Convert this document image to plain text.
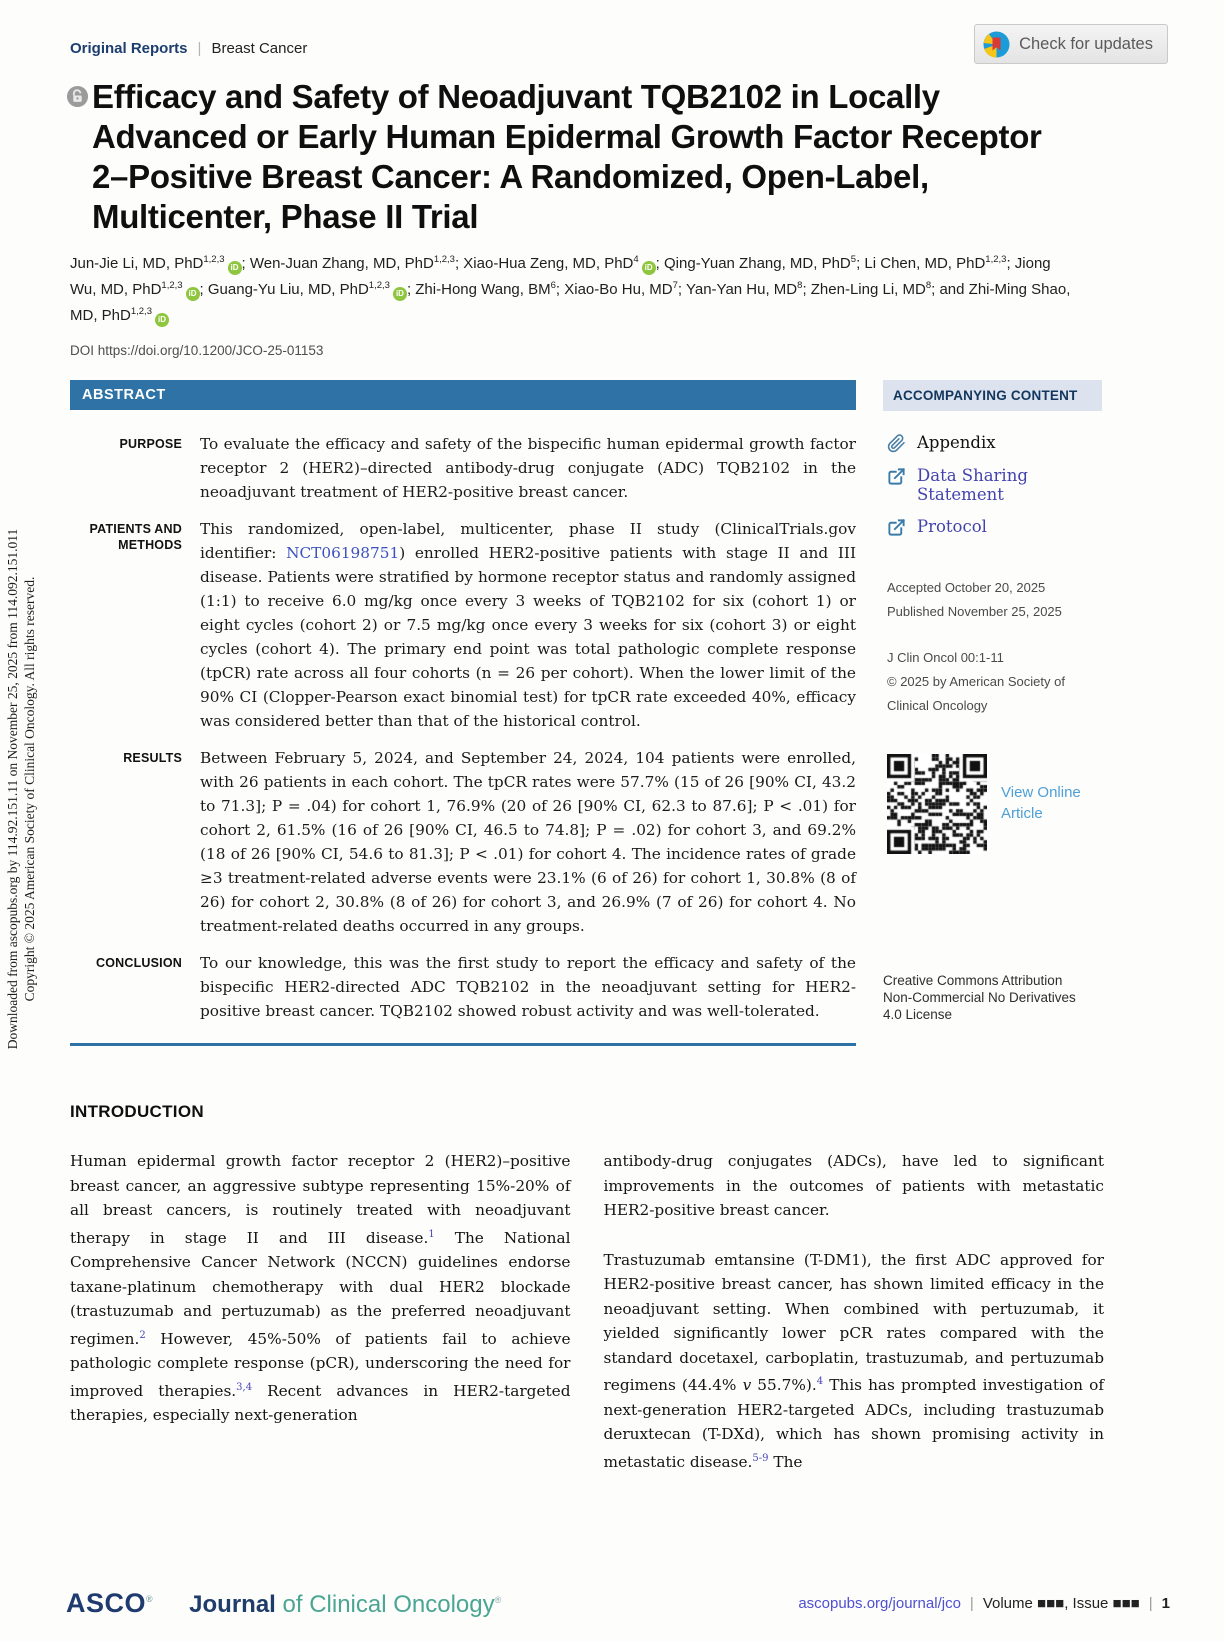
Downloaded from ascopubs.org by 114.92.151.11 on November 25, 2025 from 114.092.151.011 Copyright © 2025 American Society of Clinical Oncology. All rights reserved.
Check for updates
Original Reports | Breast Cancer
Efficacy and Safety of Neoadjuvant TQB2102 in Locally Advanced or Early Human Epidermal Growth Factor Receptor 2–Positive Breast Cancer: A Randomized, Open-Label, Multicenter, Phase II Trial
Jun-Jie Li, MD, PhD$^{1,2,3}$iD ; Wen-Juan Zhang, MD, PhD$^{1,2,3}$; Xiao-Hua Zeng, MD, PhD$^4$iD ; Qing-Yuan Zhang, MD, PhD$^5$; Li Chen, MD, PhD$^{1,2,3}$; Jiong Wu, MD, PhD$^{1,2,3}$iD ; Guang-Yu Liu, MD, PhD$^{1,2,3}$iD ; Zhi-Hong Wang, $BM^6$; Xiao-Bo Hu, $MD^7$; Yan-Yan Hu, $MD^8$; Zhen-Ling Li, $MD^8$; and Zhi-Ming Shao, MD, PhD$^{1,2,3}$iD
DOI https://doi.org/10.1200/JCO-25-01153
ABSTRACT
PURPOSE To evaluate the efficacy and safety of the bispecific human epidermal growth factor receptor 2 (HER2)–directed antibody-drug conjugate (ADC) TQB2102 in the neoadjuvant treatment of HER2-positive breast cancer.
PATIENTS AND METHODS
This randomized, open-label, multicenter, phase II study (ClinicalTrials.gov identifier: NCT06198751) enrolled HER2-positive patients with stage II and III disease. Patients were stratified by hormone receptor status and randomly assigned (1:1) to receive 6.0 mg/kg once every 3 weeks of TQB2102 for six (cohort 1) or eight cycles (cohort 2) or 7.5 mg/kg once every 3 weeks for six (cohort 3) or eight cycles (cohort 4). The primary end point was total pathologic complete response (tpCR) rate across all four cohorts (n = 26 per cohort). When the lower limit of the 90% CI (Clopper-Pearson exact binomial test) for tpCR rate exceeded 40%, efficacy was considered better than that of the historical control.
RESULTS Between February 5, 2024, and September 24, 2024, 104 patients were enrolled, with 26 patients in each cohort. The tpCR rates were 57.7% (15 of 26 [90% CI, 43.2 to 71.3]; P = .04) for cohort 1, 76.9% (20 of 26 [90% CI, 62.3 to 87.6]; P < .01) for cohort 2, 61.5% (16 of 26 [90% CI, 46.5 to 74.8]; P = .02) for cohort 3, and 69.2% (18 of 26 [90% CI, 54.6 to 81.3]; P < .01) for cohort 4. The incidence rates of grade ≥3 treatment-related adverse events were 23.1% (6 of 26) for cohort 1, 30.8% (8 of 26) for cohort 2, 30.8% (8 of 26) for cohort 3, and 26.9% (7 of 26) for cohort 4. No treatment-related deaths occurred in any groups.
CONCLUSION To our knowledge, this was the first study to report the efficacy and safety of the bispecific HER2-directed ADC TQB2102 in the neoadjuvant setting for HER2-positive breast cancer. TQB2102 showed robust activity and was well-tolerated.
ACCOMPANYING CONTENT
Appendix
Data Sharing Statement
Protocol
Accepted October 20, 2025
Published November 25, 2025
J Clin Oncol 00:1-11
© 2025 by American Society of Clinical Oncology
View Online Article
Creative Commons Attribution Non-Commercial No Derivatives 4.0 License
INTRODUCTION

Human epidermal growth factor receptor 2 (HER2)–positive breast cancer, an aggressive subtype representing 15%-20% of all breast cancers, is routinely treated with neoadjuvant therapy in stage II and III disease.$^1$ The National Comprehensive Cancer Network (NCCN) guidelines endorse taxane-platinum chemotherapy with dual HER2 blockade (trastuzumab and pertuzumab) as the preferred neoadjuvant regimen.$^2$ However, 45%-50% of patients fail to achieve pathologic complete response (pCR), underscoring the need for improved therapies.$^{3,4}$ Recent advances in HER2-targeted therapies, especially next-generation

antibody-drug conjugates (ADCs), have led to significant improvements in the outcomes of patients with metastatic HER2-positive breast cancer.

Trastuzumab emtansine (T-DM1), the first ADC approved for HER2-positive breast cancer, has shown limited efficacy in the neoadjuvant setting. When combined with pertuzumab, it yielded significantly lower pCR rates compared with the standard docetaxel, carboplatin, trastuzumab, and pertuzumab regimens (44.4% v 55.7%).$^4$ This has prompted investigation of next-generation HER2-targeted ADCs, including trastuzumab deruxtecan (T-DXd), which has shown promising activity in metastatic disease.$^{5-9}$ The

ASCO® Journal of Clinical Oncology®	ascopubs.org/journal/jco | Volume ■■■, Issue ■■■ | 1
